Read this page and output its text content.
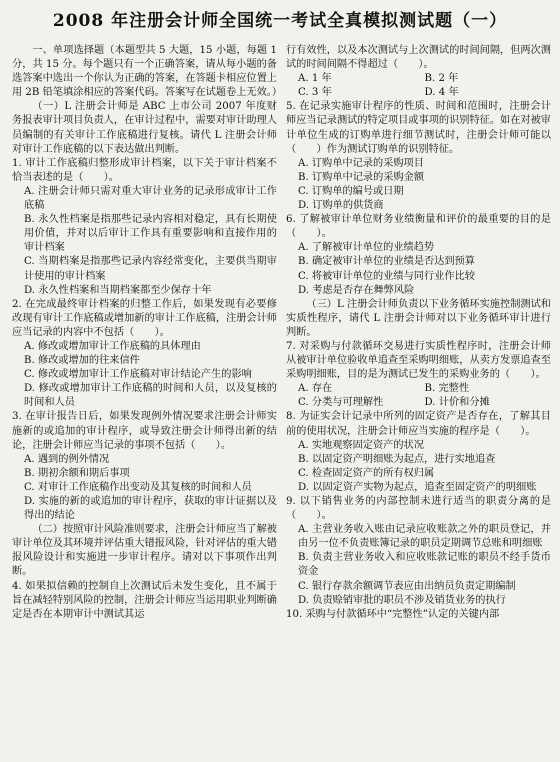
2008 年注册会计师全国统一考试全真模拟测试题（一）
一、单项选择题（本题型共 5 大题，15 小题，每题 1 分，共 15 分。每个题只有一个正确答案，请从每小题的备选答案中选出一个你认为正确的答案，在答题卡相应位置上用 2B 铅笔填涂相应的答案代码。答案写在试题卷上无效。）
（一）L 注册会计师是 ABC 上市公司 2007 年度财务报表审计项目负责人，在审计过程中，需要对审计助理人员编制的有关审计工作底稿进行复核。请代 L 注册会计师对审计工作底稿的以下表达做出判断。
1. 审计工作底稿归整形成审计档案，以下关于审计档案不恰当表述的是（　　）。
A. 注册会计师只需对重大审计业务的记录形成审计工作底稿
B. 永久性档案是指那些记录内容相对稳定，具有长期使用价值，并对以后审计工作具有重要影响和直接作用的审计档案
C. 当期档案是指那些记录内容经常变化，主要供当期审计使用的审计档案
D. 永久性档案和当期档案都至少保存十年
2. 在完成最终审计档案的归整工作后，如果发现有必要修改现有审计工作底稿或增加新的审计工作底稿，注册会计师应当记录的内容中不包括（　　）。
A. 修改或增加审计工作底稿的具体理由
B. 修改或增加的往来信件
C. 修改或增加审计工作底稿对审计结论产生的影响
D. 修改或增加审计工作底稿的时间和人员，以及复核的时间和人员
3. 在审计报告日后，如果发现例外情况要求注册会计师实施新的或追加的审计程序，或导致注册会计师得出新的结论，注册会计师应当记录的事项不包括（　　）。
A. 遇到的例外情况
B. 期初余额和期后事项
C. 对审计工作底稿作出变动及其复核的时间和人员
D. 实施的新的或追加的审计程序，获取的审计证据以及得出的结论
（二）按照审计风险准则要求，注册会计师应当了解被审计单位及其环境并评估重大错报风险，针对评估的重大错报风险设计和实施进一步审计程序。请对以下事项作出判断。
4. 如果拟信赖的控制自上次测试后未发生变化，且不属于旨在减轻特别风险的控制，注册会计师应当运用职业判断确定是否在本期审计中测试其运
行有效性，以及本次测试与上次测试的时间间隔，但两次测试的时间间隔不得超过（　　）。
A. 1 年	B. 2 年
C. 3 年	D. 4 年
5. 在记录实施审计程序的性质、时间和范围时，注册会计师应当记录测试的特定项目或事项的识别特征。如在对被审计单位生成的订购单进行细节测试时，注册会计师可能以（　　）作为测试订购单的识别特征。
A. 订购单中记录的采购项目
B. 订购单中记录的采购金额
C. 订购单的编号或日期
D. 订购单的供货商
6. 了解被审计单位财务业绩衡量和评价的最重要的目的是（　　）。
A. 了解被审计单位的业绩趋势
B. 确定被审计单位的业绩是否达到预算
C. 将被审计单位的业绩与同行业作比较
D. 考虑是否存在舞弊风险
（三）L 注册会计师负责以下业务循环实施控制测试和实质性程序，请代 L 注册会计师对以下业务循环审计进行判断。
7. 对采购与付款循环交易进行实质性程序时，注册会计师从被审计单位验收单追查至采购明细账，从卖方发票追查至采购明细账，目的是为测试已发生的采购业务的（　　）。
A. 存在	B. 完整性
C. 分类与可理解性	D. 计价和分摊
8. 为证实会计记录中所列的固定资产是否存在，了解其目前的使用状况，注册会计师应当实施的程序是（　　）。
A. 实地观察固定资产的状况
B. 以固定资产明细账为起点，进行实地追查
C. 检查固定资产的所有权归属
D. 以固定资产实物为起点，追查至固定资产的明细账
9. 以下销售业务的内部控制未进行适当的职责分离的是（　　）。
A. 主营业务收入账由记录应收账款之外的职员登记，并由另一位不负责账簿记录的职员定期调节总账和明细账
B. 负责主营业务收入和应收账款记账的职员不经手货币资金
C. 银行存款余额调节表应由出纳员负责定期编制
D. 负责赊销审批的职员不涉及销货业务的执行
10. 采购与付款循环中“完整性”认定的关键内部
